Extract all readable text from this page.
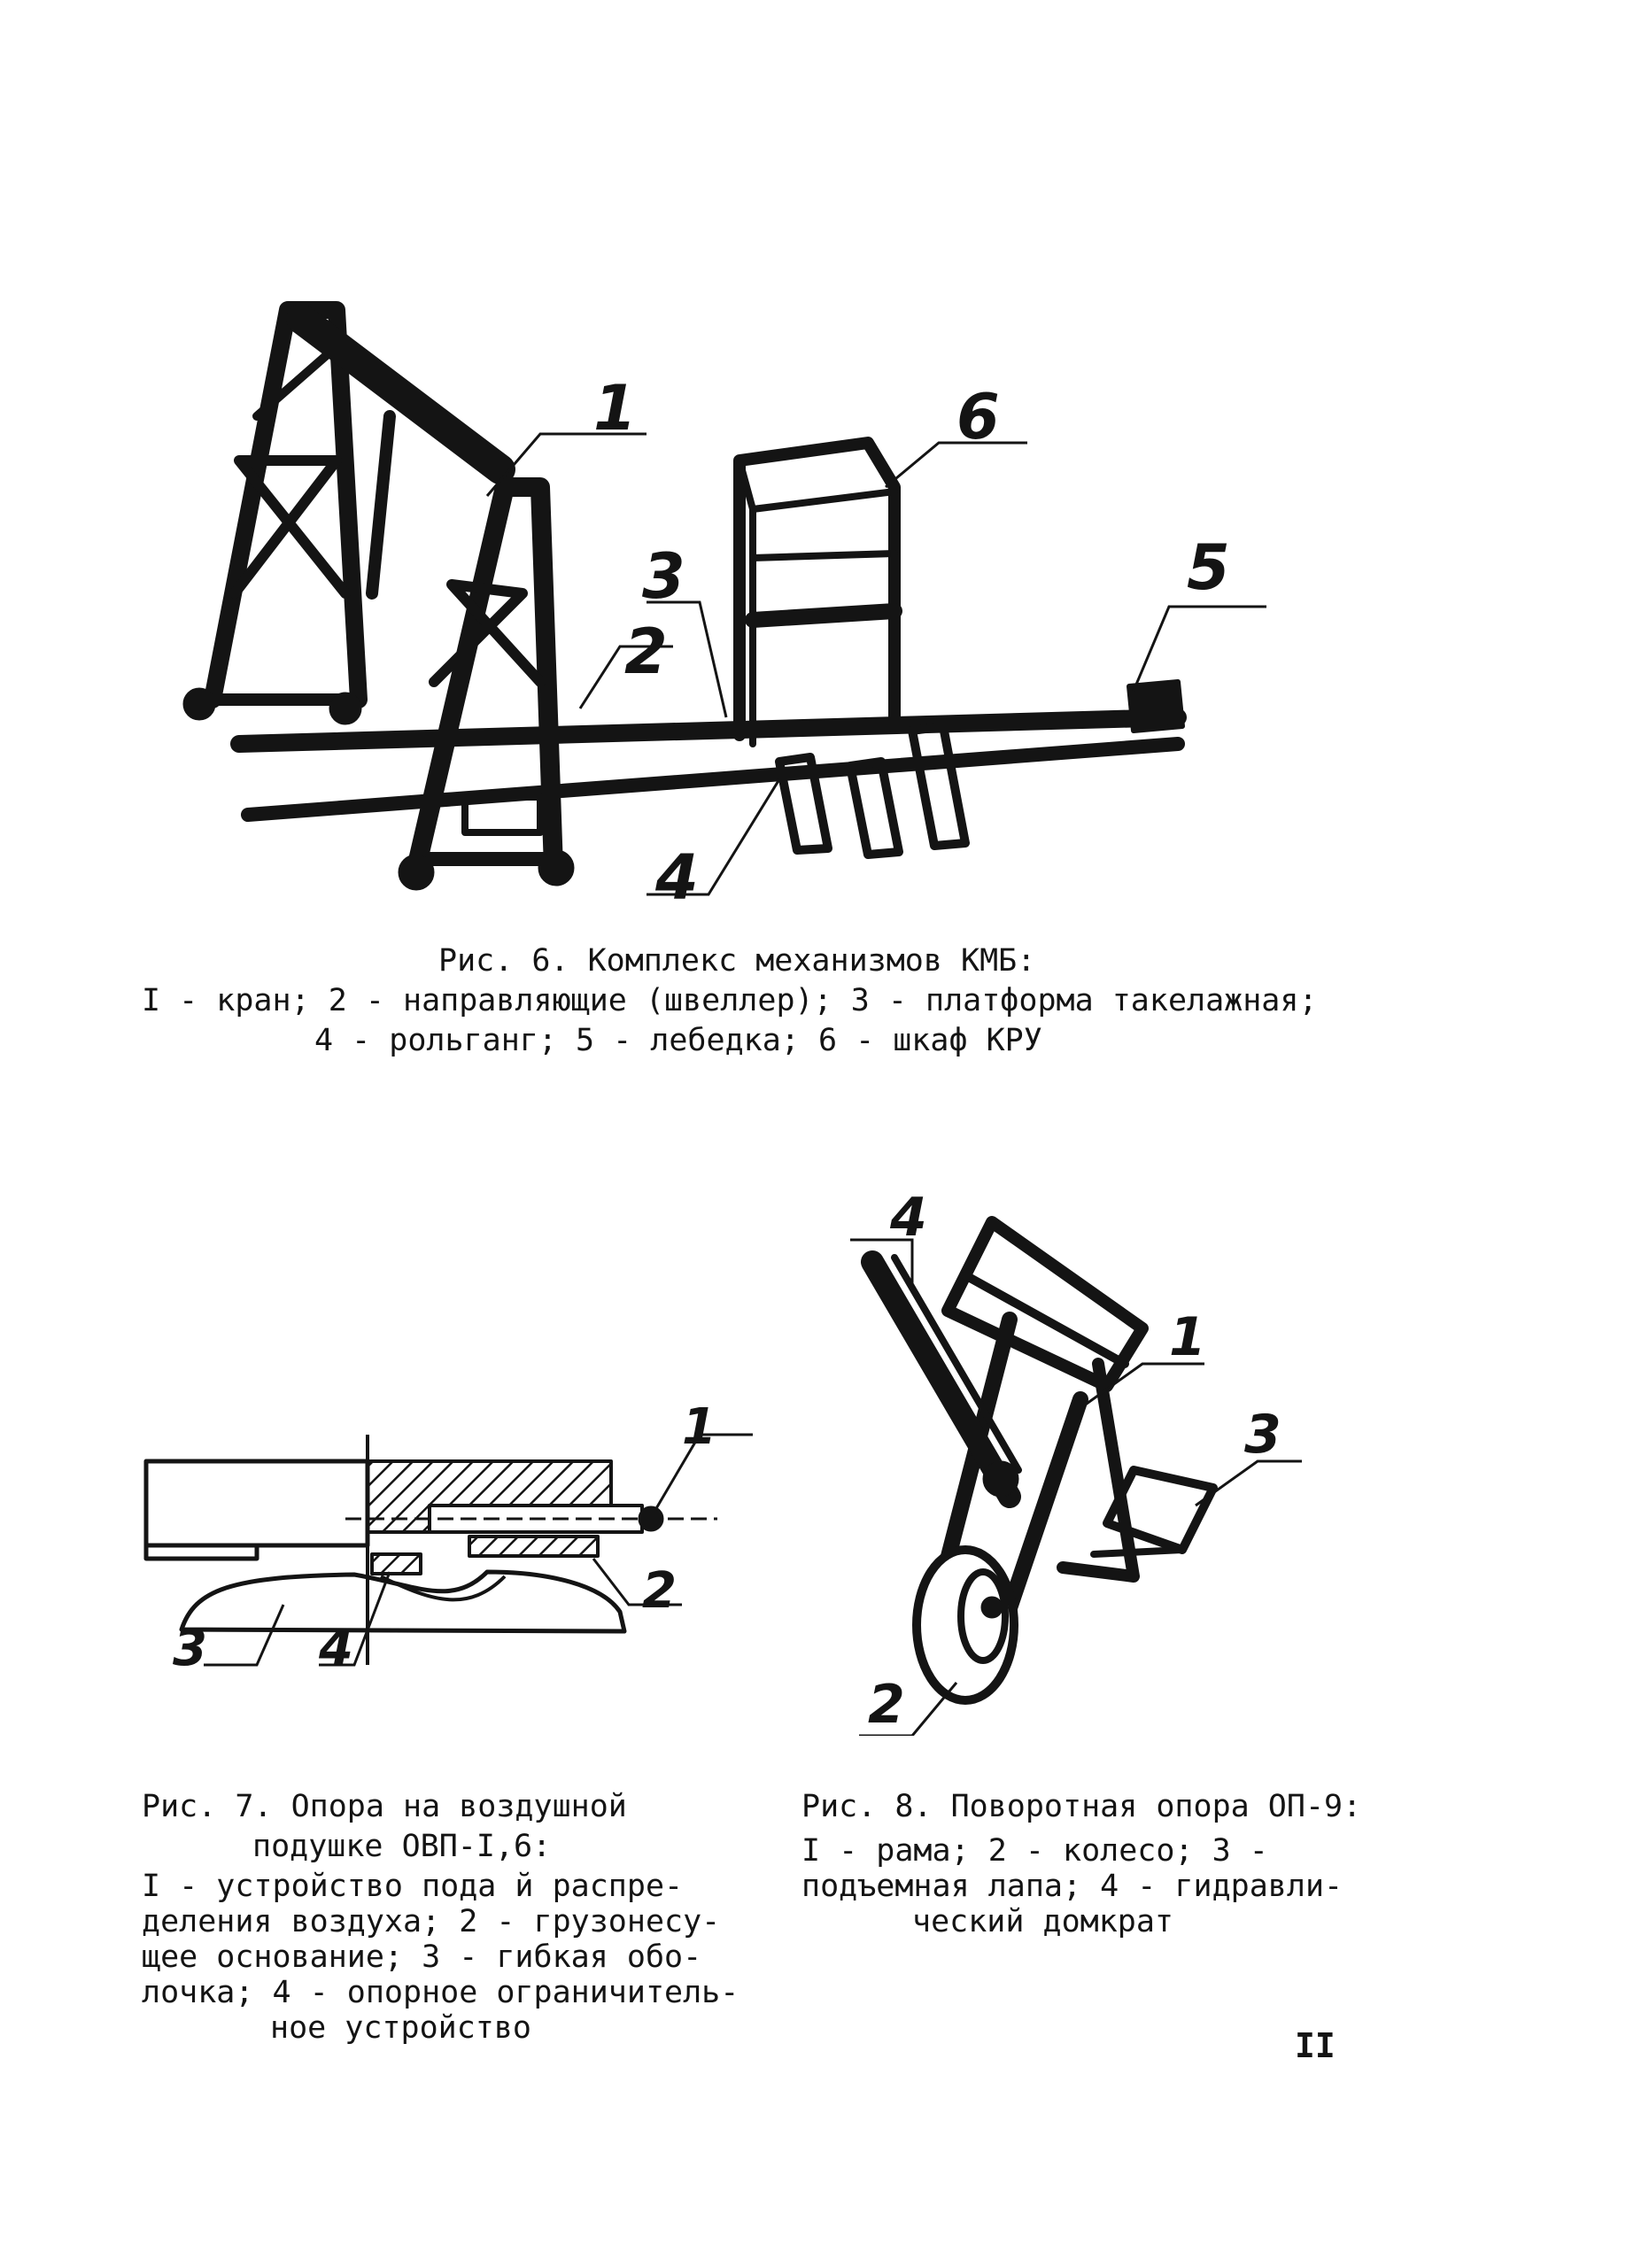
1
2
3
4
5
6
Рис. 6. Комплекс механизмов КМБ:
I - кран; 2 - направляющие (швеллер); 3 - платформа такелажная;
4 - рольганг; 5 - лебедка; 6 - шкаф КРУ
1
2
3 4
Рис. 7. Опора на воздушной
подушке ОВП-I,6:
I - устройство пода й распре-
деления воздуха; 2 - грузонесу-
щее основание; 3 - гибкая обо-
лочка; 4 - опорное ограничитель-
ное устройство
4
1
3
2
Рис. 8. Поворотная опора ОП-9:
I - рама; 2 - колесо; 3 -
подъемная лапа; 4 - гидравли-
ческий домкрат
II
